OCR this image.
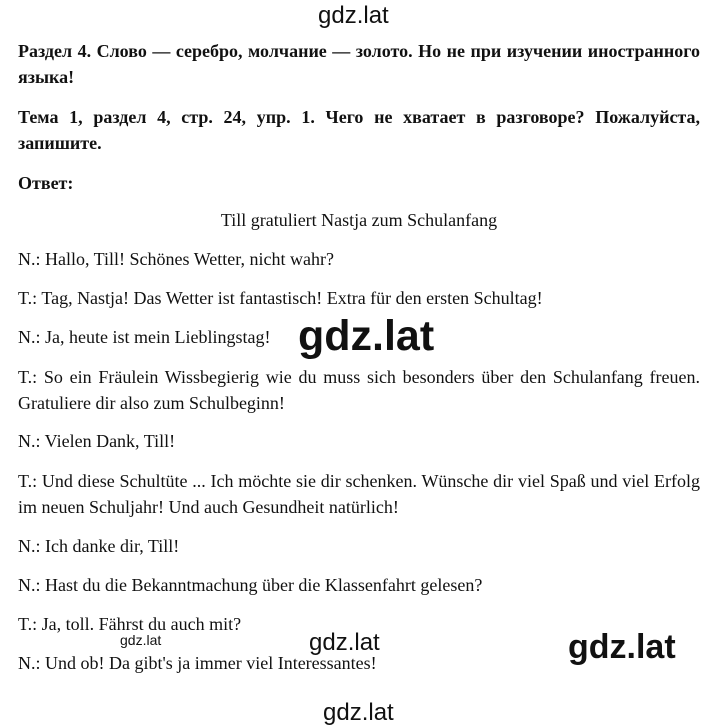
gdz.lat
Раздел 4. Слово — серебро, молчание — золото. Но не при изучении иностранного языка!
Тема 1, раздел 4, стр. 24, упр. 1. Чего не хватает в разговоре? Пожалуйста, запишите.
Ответ:
Till gratuliert Nastja zum Schulanfang
N.: Hallo, Till! Schönes Wetter, nicht wahr?
T.: Tag, Nastja! Das Wetter ist fantastisch! Extra für den ersten Schultag!
N.: Ja, heute ist mein Lieblingstag!
T.: So ein Fräulein Wissbegierig wie du muss sich besonders über den Schulanfang freuen. Gratuliere dir also zum Schulbeginn!
N.: Vielen Dank, Till!
T.: Und diese Schultüte ... Ich möchte sie dir schenken. Wünsche dir viel Spaß und viel Erfolg im neuen Schuljahr! Und auch Gesundheit natürlich!
N.: Ich danke dir, Till!
N.: Hast du die Bekanntmachung über die Klassenfahrt gelesen?
T.: Ja, toll. Fährst du auch mit?
N.: Und ob! Da gibt's ja immer viel Interessantes!
gdz.lat
gdz.lat	gdz.lat	gdz.lat
gdz.lat
